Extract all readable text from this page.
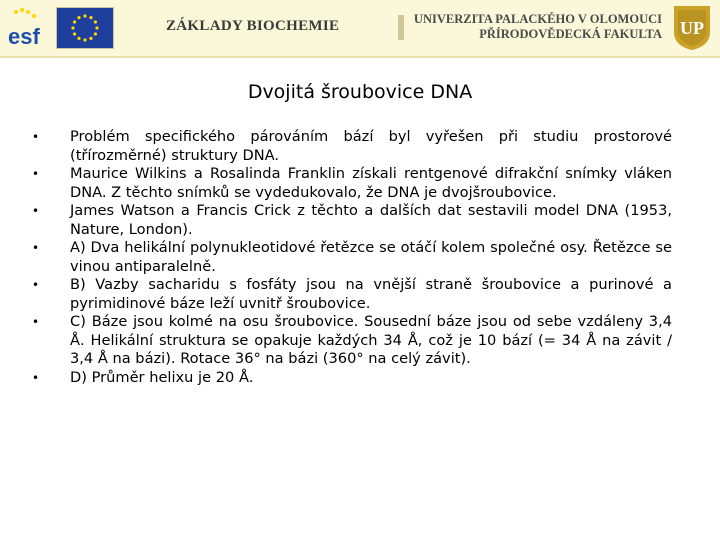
esf	ZÁKLADY BIOCHEMIE	UNIVERZITA PALACKÉHO V OLOMOUCI
PŘÍRODOVĚDECKÁ FAKULTA UP
Dvojitá šroubovice DNA
•	Problém specifického párováním bází byl vyřešen při studiu prostorové (třírozměrné) struktury DNA.
•	Maurice Wilkins a Rosalinda Franklin získali rentgenové difrakční snímky vláken DNA. Z těchto snímků se vydedukovalo, že DNA je dvojšroubovice.
•	James Watson a Francis Crick z těchto a dalších dat sestavili model DNA (1953, Nature, London).
•	A) Dva helikální polynukleotidové řetězce se otáčí kolem společné osy. Řetězce se vinou antiparalelně.
•	B) Vazby sacharidu s fosfáty jsou na vnější straně šroubovice a purinové a pyrimidinové báze leží uvnitř šroubovice.
•	C) Báze jsou kolmé na osu šroubovice. Sousední báze jsou od sebe vzdáleny 3,4 Å. Helikální struktura se opakuje každých 34 Å, což je 10 bází (= 34 Å na závit / 3,4 Å na bázi). Rotace 36° na bázi (360° na celý závit).
•	D) Průměr helixu je 20 Å.
